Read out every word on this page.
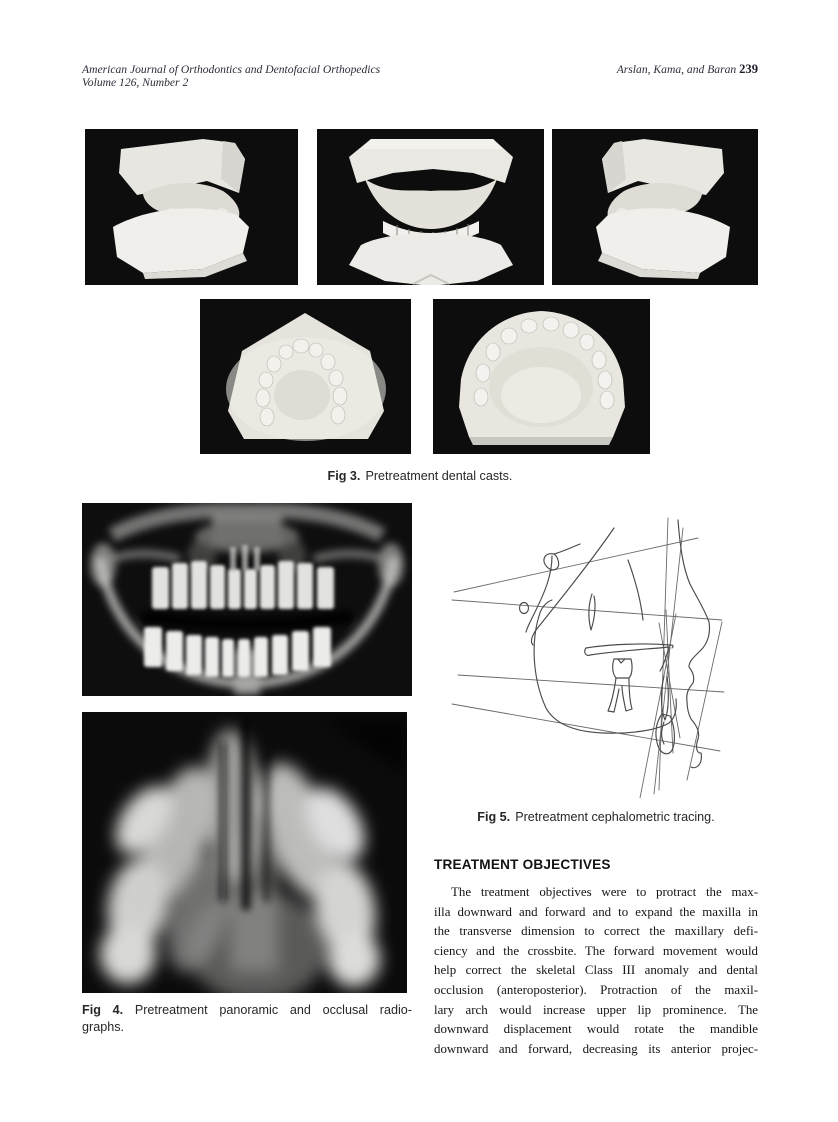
American Journal of Orthodontics and Dentofacial Orthopedics
Volume 126, Number 2
Arslan, Kama, and Baran 239
Fig 3. Pretreatment dental casts.
Fig 4. Pretreatment panoramic and occlusal radio-
graphs.
Fig 5. Pretreatment cephalometric tracing.
TREATMENT OBJECTIVES
The treatment objectives were to protract the max-
illa downward and forward and to expand the maxilla in
the transverse dimension to correct the maxillary defi-
ciency and the crossbite. The forward movement would
help correct the skeletal Class III anomaly and dental
occlusion (anteroposterior). Protraction of the maxil-
lary arch would increase upper lip prominence. The
downward displacement would rotate the mandible
downward and forward, decreasing its anterior projec-
